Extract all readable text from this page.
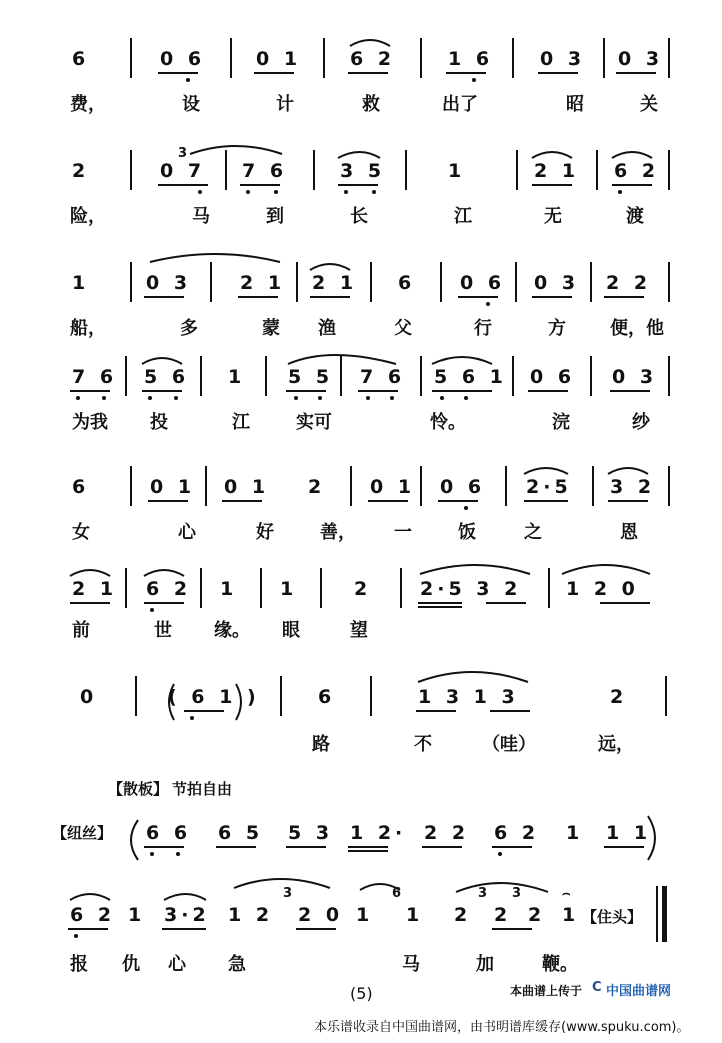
6	0 6	0 1	6 2	1 6 0 3 0 3
费，	设	计	救	出了	昭	关
3
2	0 7 7 6	3 5	1	2 1 6 2
险，	马	到	长	江	无	渡
1	0 3	2 1 2 1 6 0 6 0 3 2 2
船，	多	蒙 渔	父	行	方 便，他
7 6 5 6 1 5 5 7 6 5 6 1 0 6 0 3
为我 投	江	实可	怜。	浣	纱
6	0 1 0 1 2 0 1 0 6 2·5 3 2
女	心	好	善， 一	饭	之	恩
2 1 6 2 1 1	2	2·5 3 2 1 2 0
前	世 缘。 眼	望
0	( 6 1 )	6	1 3 1 3	2
路	不	（哇）	远，
【散板】 节拍自由
【纽丝】 6 6 6 5 5 3 1 2· 2 2 6 2 1 1 1
3	6	3 3
6 2 1 3·2 1 2 2 0 1 1 2 2 2 1
⌢
【住头】
报 仇 心 急	马	加	鞭。
(5)	本曲谱上传于 C 中国曲谱网
本乐谱收录自中国曲谱网，由书明谱库缓存(www.spuku.com)。
